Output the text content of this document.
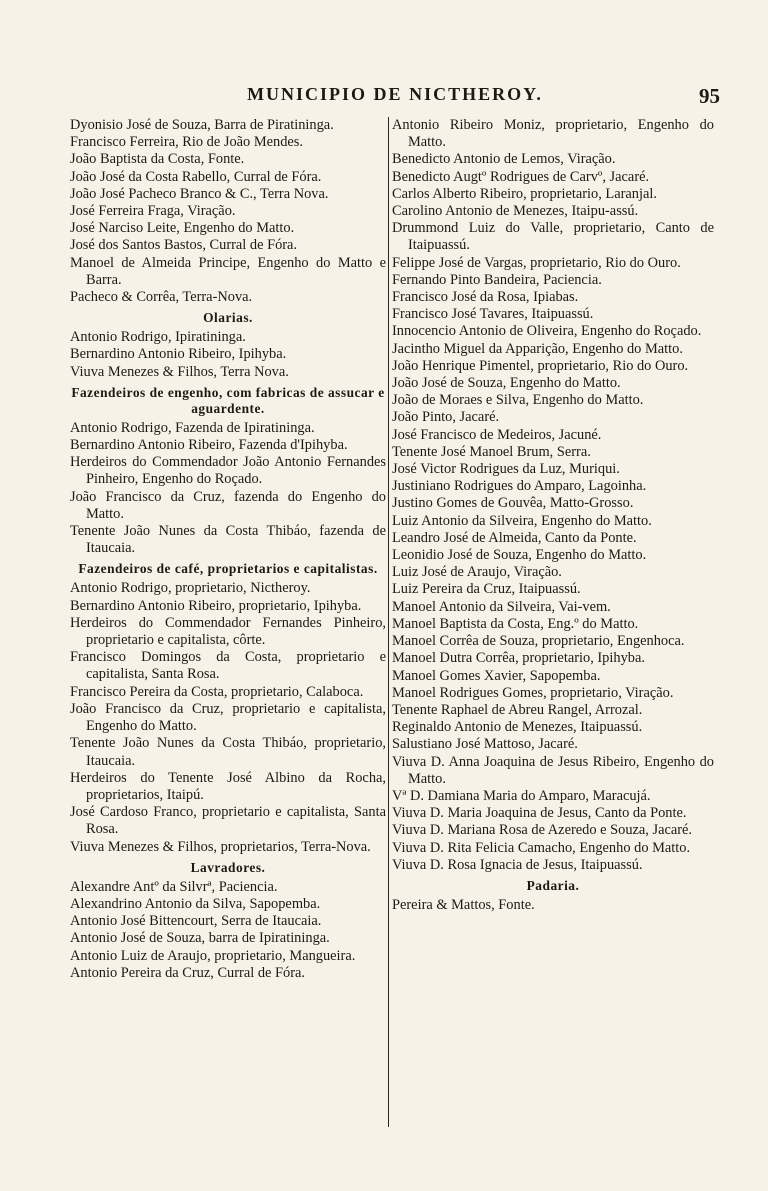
MUNICIPIO DE NICTHEROY.	95

Dyonisio José de Souza, Barra de Piratininga.

Francisco Ferreira, Rio de João Mendes.

João Baptista da Costa, Fonte.

João José da Costa Rabello, Curral de Fóra.

João José Pacheco Branco & C., Terra Nova.

José Ferreira Fraga, Viração.

José Narciso Leite, Engenho do Matto.

José dos Santos Bastos, Curral de Fóra.

Manoel de Almeida Principe, Engenho do Matto e Barra.

Pacheco & Corrêa, Terra-Nova.

Olarias.

Antonio Rodrigo, Ipiratininga.

Bernardino Antonio Ribeiro, Ipihyba.

Viuva Menezes & Filhos, Terra Nova.

Fazendeiros de engenho, com fabricas de assucar e aguardente.

Antonio Rodrigo, Fazenda de Ipiratininga.

Bernardino Antonio Ribeiro, Fazenda d'Ipihyba.

Herdeiros do Commendador João Antonio Fernandes Pinheiro, Engenho do Roçado.

João Francisco da Cruz, fazenda do Engenho do Matto.

Tenente João Nunes da Costa Thibáo, fazenda de Itaucaia.

Fazendeiros de café, proprietarios e capitalistas.

Antonio Rodrigo, proprietario, Nictheroy.

Bernardino Antonio Ribeiro, proprietario, Ipihyba.

Herdeiros do Commendador Fernandes Pinheiro, proprietario e capitalista, côrte.

Francisco Domingos da Costa, proprietario e capitalista, Santa Rosa.

Francisco Pereira da Costa, proprietario, Calaboca.

João Francisco da Cruz, proprietario e capitalista, Engenho do Matto.

Tenente João Nunes da Costa Thibáo, proprietario, Itaucaia.

Herdeiros do Tenente José Albino da Rocha, proprietarios, Itaipú.

José Cardoso Franco, proprietario e capitalista, Santa Rosa.

Viuva Menezes & Filhos, proprietarios, Terra-Nova.

Lavradores.

Alexandre Antº da Silvrª, Paciencia.

Alexandrino Antonio da Silva, Sapopemba.

Antonio José Bittencourt, Serra de Itaucaia.

Antonio José de Souza, barra de Ipiratininga.

Antonio Luiz de Araujo, proprietario, Mangueira.

Antonio Pereira da Cruz, Curral de Fóra.

Antonio Ribeiro Moniz, proprietario, Engenho do Matto.

Benedicto Antonio de Lemos, Viração.

Benedicto Augtº Rodrigues de Carvº, Jacaré.

Carlos Alberto Ribeiro, proprietario, Laranjal.

Carolino Antonio de Menezes, Itaipu-assú.

Drummond Luiz do Valle, proprietario, Canto de Itaipuassú.

Felippe José de Vargas, proprietario, Rio do Ouro.

Fernando Pinto Bandeira, Paciencia.

Francisco José da Rosa, Ipiabas.

Francisco José Tavares, Itaipuassú.

Innocencio Antonio de Oliveira, Engenho do Roçado.

Jacintho Miguel da Apparição, Engenho do Matto.

João Henrique Pimentel, proprietario, Rio do Ouro.

João José de Souza, Engenho do Matto.

João de Moraes e Silva, Engenho do Matto.

João Pinto, Jacaré.

José Francisco de Medeiros, Jacuné.

Tenente José Manoel Brum, Serra.

José Victor Rodrigues da Luz, Muriqui.

Justiniano Rodrigues do Amparo, Lagoinha.

Justino Gomes de Gouvêa, Matto-Grosso.

Luiz Antonio da Silveira, Engenho do Matto.

Leandro José de Almeida, Canto da Ponte.

Leonidio José de Souza, Engenho do Matto.

Luiz José de Araujo, Viração.

Luiz Pereira da Cruz, Itaipuassú.

Manoel Antonio da Silveira, Vai-vem.

Manoel Baptista da Costa, Eng.º do Matto.

Manoel Corrêa de Souza, proprietario, Engenhoca.

Manoel Dutra Corrêa, proprietario, Ipihyba.

Manoel Gomes Xavier, Sapopemba.

Manoel Rodrigues Gomes, proprietario, Viração.

Tenente Raphael de Abreu Rangel, Arrozal.

Reginaldo Antonio de Menezes, Itaipuassú.

Salustiano José Mattoso, Jacaré.

Viuva D. Anna Joaquina de Jesus Ribeiro, Engenho do Matto.

Vª D. Damiana Maria do Amparo, Maracujá.

Viuva D. Maria Joaquina de Jesus, Canto da Ponte.

Viuva D. Mariana Rosa de Azeredo e Souza, Jacaré.

Viuva D. Rita Felicia Camacho, Engenho do Matto.

Viuva D. Rosa Ignacia de Jesus, Itaipuassú.

Padaria.

Pereira & Mattos, Fonte.
